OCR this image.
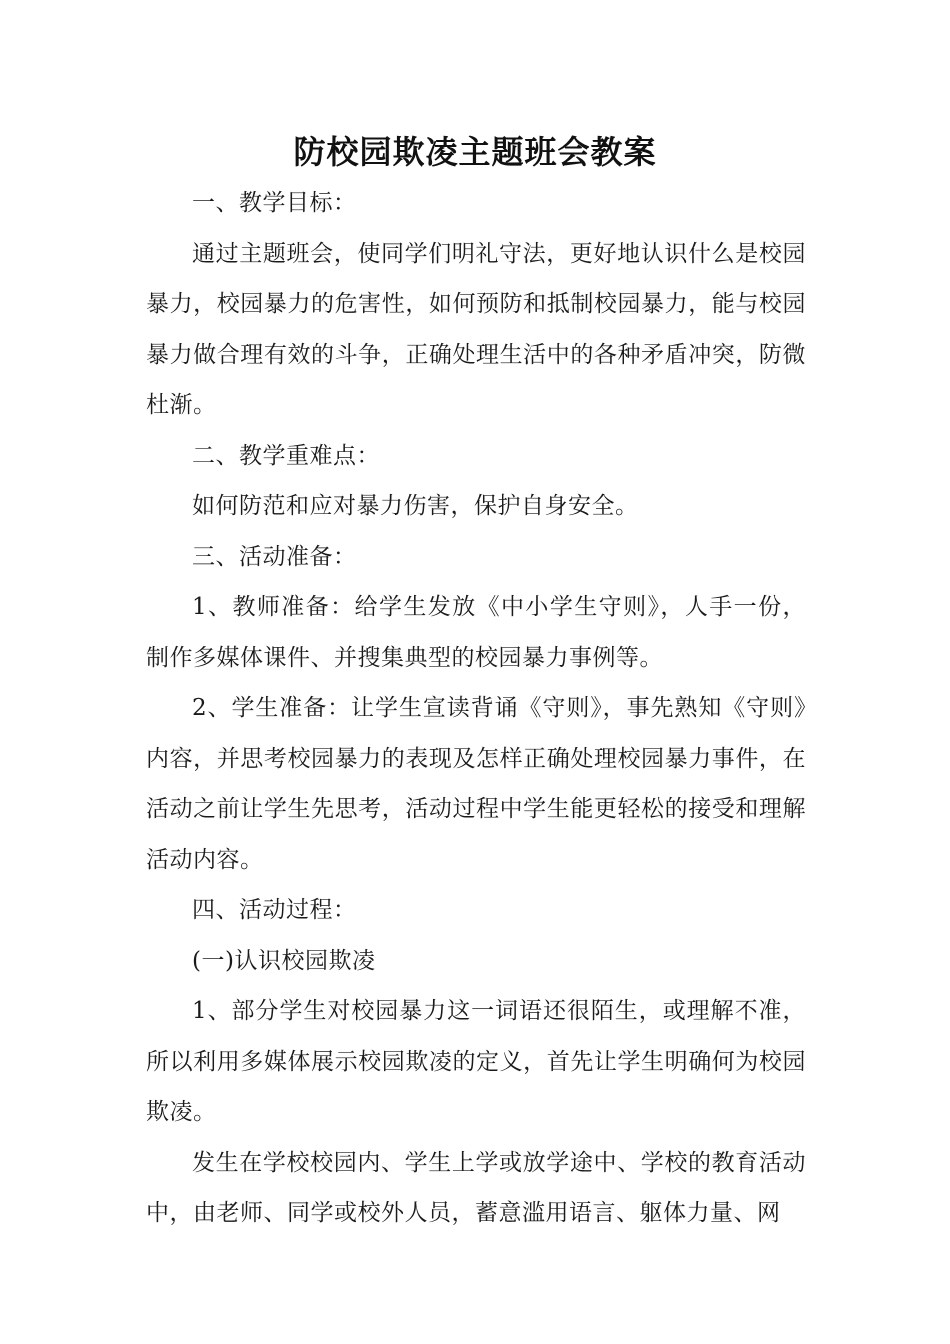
防校园欺凌主题班会教案

一、教学目标：

通过主题班会，使同学们明礼守法，更好地认识什么是校园暴力，校园暴力的危害性，如何预防和抵制校园暴力，能与校园暴力做合理有效的斗争，正确处理生活中的各种矛盾冲突，防微杜渐。

二、教学重难点：

如何防范和应对暴力伤害，保护自身安全。

三、活动准备：

1、教师准备：给学生发放《中小学生守则》，人手一份，制作多媒体课件、并搜集典型的校园暴力事例等。

2、学生准备：让学生宣读背诵《守则》，事先熟知《守则》内容，并思考校园暴力的表现及怎样正确处理校园暴力事件，在活动之前让学生先思考，活动过程中学生能更轻松的接受和理解活动内容。

四、活动过程：

(一)认识校园欺凌

1、部分学生对校园暴力这一词语还很陌生，或理解不准，所以利用多媒体展示校园欺凌的定义，首先让学生明确何为校园欺凌。

发生在学校校园内、学生上学或放学途中、学校的教育活动中，由老师、同学或校外人员，蓄意滥用语言、躯体力量、网
